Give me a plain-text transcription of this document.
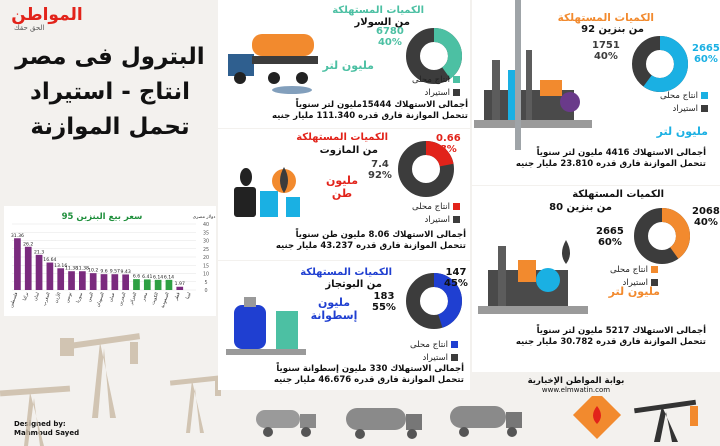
المواطن
الحق حقك
البترول فى مصر
انتاج - استيراد
تحمل الموازنة
سعر بيع البنزين 95	دولار مصرى
31.36
26.2
21.3
16.64
13.16
11.38
11.38 10.2 9.6 9.57 9.43
6.6 6.41 6.14 6.14
1.97
فلسطين تركيا لبنان المغرب الأردن تونس سوريا اليمن السودان عمان البحرين الجزائر مصر الكويت السعودية قطر ليبيا
0
5
10
15
20
25
30
35
40
Designed by:
Mahmoud Sayed
الكميات المستهلكة
من بنزين 92
2665
60%
1751
40%
انتاج محلى
استيراد
مليون لتر
أجمالى الاستهلاك 4416 مليون لتر سنوياً
تتحمل الموازنة فارق قدره 23.810 مليار جنيه
الكميات المستهلكة
من السولار
6780
40%
مليون لتر
انتاج محلى
استيراد
أجمالى الاستهلاك 15444مليون لتر سنوياً
تتحمل الموازنة فارق قدره 111.340 مليار جنيه
الكميات المستهلكة
من المازوت
0.66
8%
7.4
92%
مليون طن
انتاج محلى
استيراد
أجمالى الاستهلاك 8.06 مليون طن سنوياً
تتحمل الموازنة فارق قدره 43.237 مليار جنيه
الكميات المستهلكة
من البوتجاز
147
45%
183
55%
مليون إسطوانة
انتاج محلى
استيراد
أجمالى الاستهلاك 330 مليون إسطوانة سنوياً
تتحمل الموازنة فارق قدره 46.676 مليار جنيه
الكميات المستهلكة
من بنزين 80	2068
40%
2665
60%
انتاج محلى
استيراد
مليون لتر
أجمالى الاستهلاك 5217 مليون لتر سنوياً
تتحمل الموازنة فارق قدره 30.782 مليار جنيه
بوابة المواطن الإخبارية
www.elmwatin.com
